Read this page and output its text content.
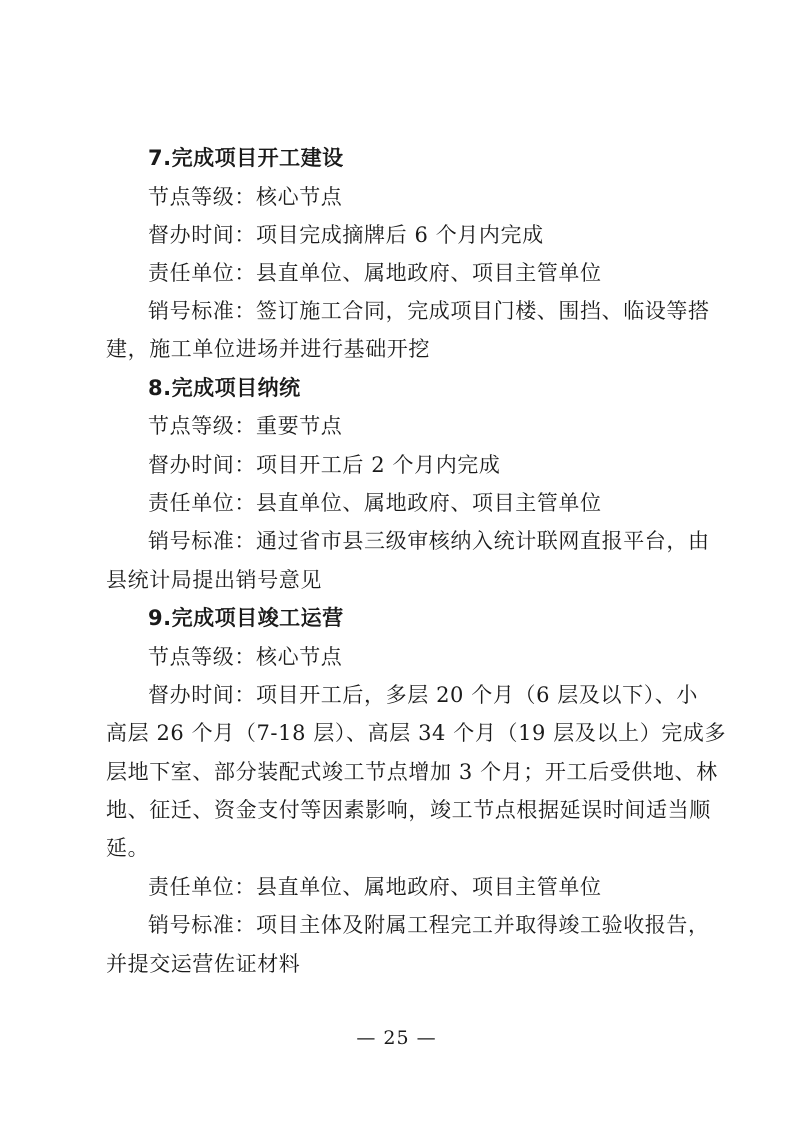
7.完成项目开工建设
节点等级：核心节点
督办时间：项目完成摘牌后 6 个月内完成
责任单位：县直单位、属地政府、项目主管单位
销号标准：签订施工合同，完成项目门楼、围挡、临设等搭
建，施工单位进场并进行基础开挖
8.完成项目纳统
节点等级：重要节点
督办时间：项目开工后 2 个月内完成
责任单位：县直单位、属地政府、项目主管单位
销号标准：通过省市县三级审核纳入统计联网直报平台，由
县统计局提出销号意见
9.完成项目竣工运营
节点等级：核心节点
督办时间：项目开工后，多层 20 个月（6 层及以下）、小
高层 26 个月（7-18 层）、高层 34 个月（19 层及以上）完成多
层地下室、部分装配式竣工节点增加 3 个月；开工后受供地、林
地、征迁、资金支付等因素影响，竣工节点根据延误时间适当顺
延。
责任单位：县直单位、属地政府、项目主管单位
销号标准：项目主体及附属工程完工并取得竣工验收报告，
并提交运营佐证材料
— 25 —
